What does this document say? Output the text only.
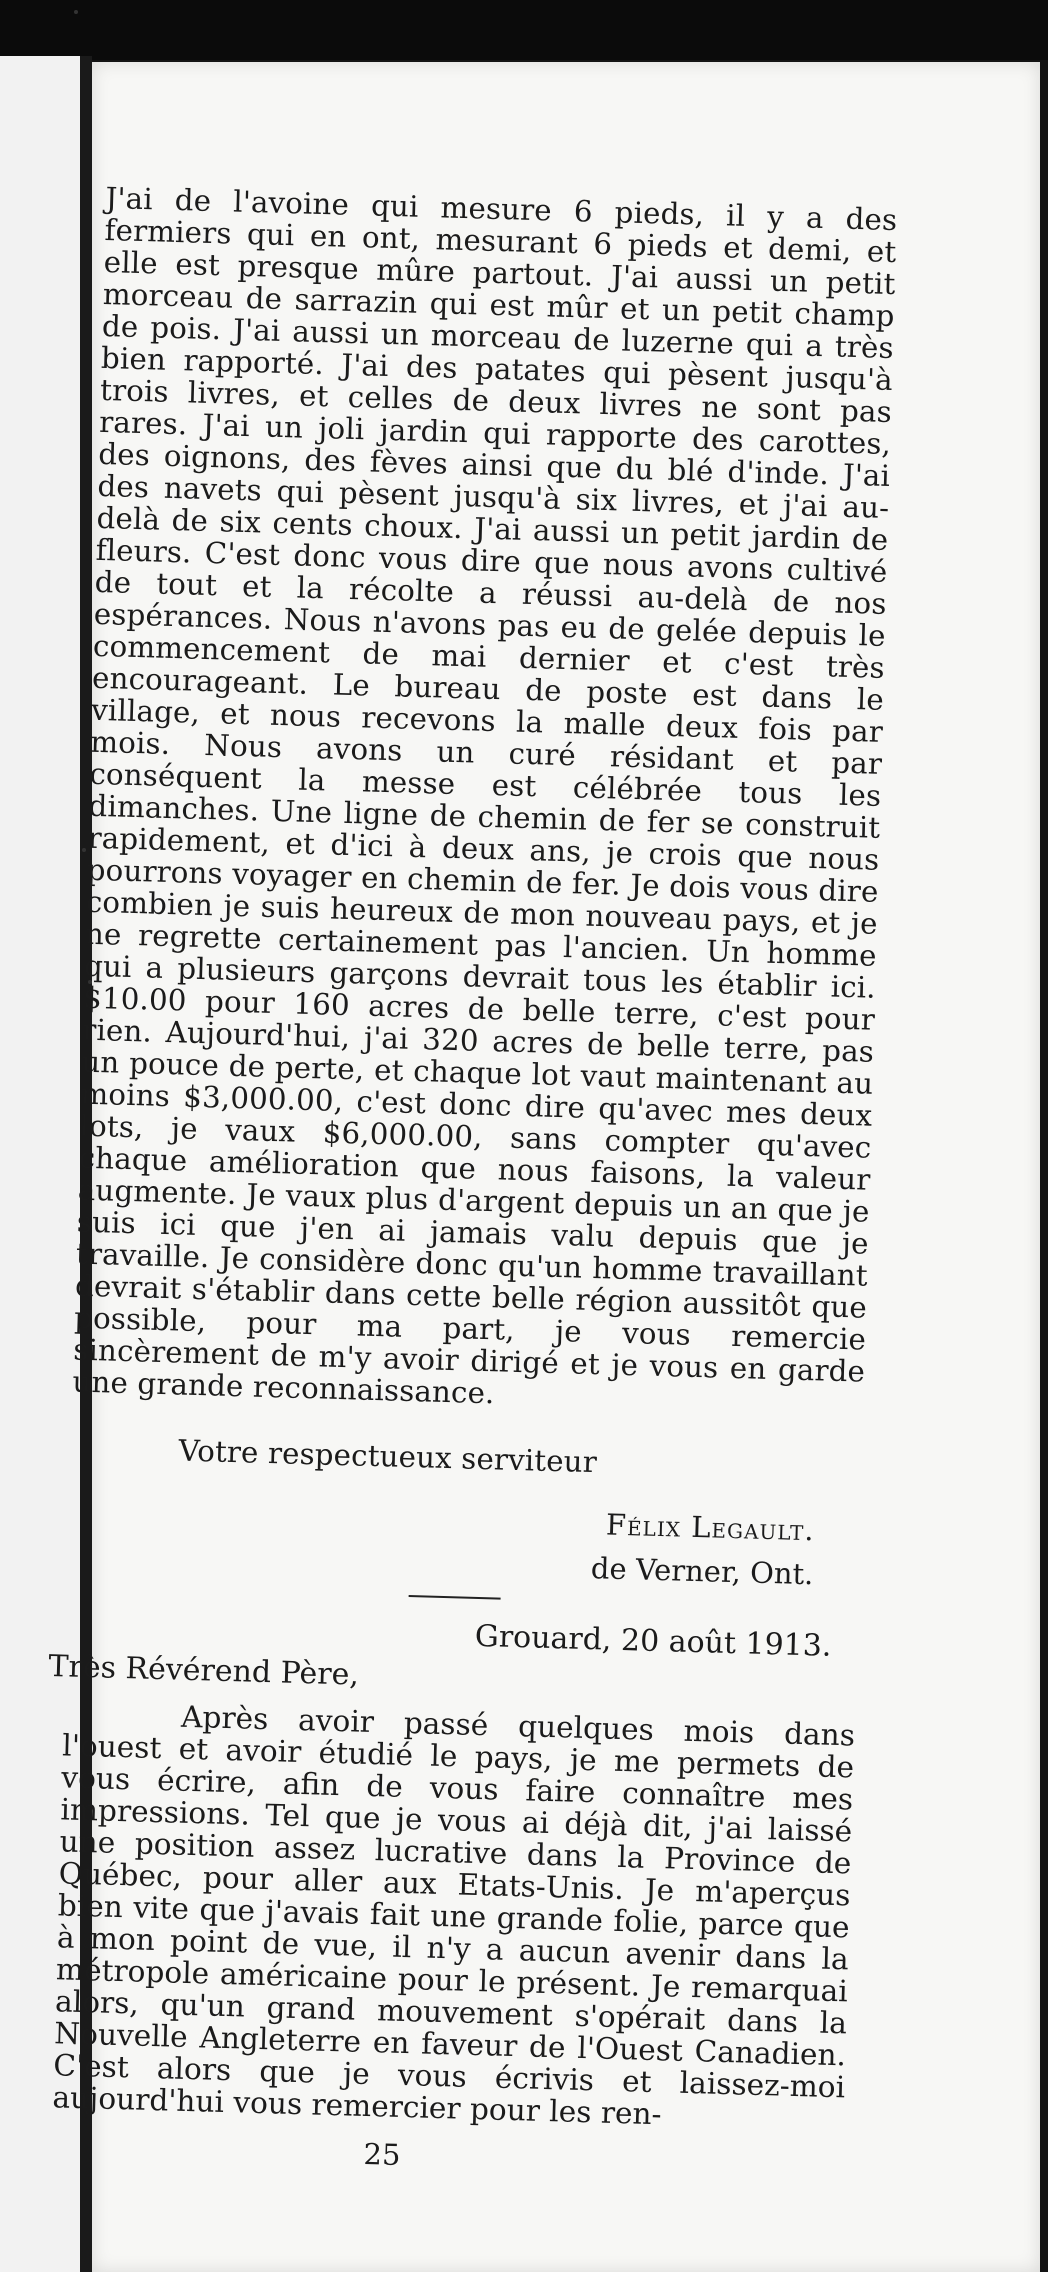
J'ai de l'avoine qui mesure 6 pieds, il y a des fermiers qui en ont, mesurant 6 pieds et demi, et elle est presque mûre partout. J'ai aussi un petit morceau de sarrazin qui est mûr et un petit champ de pois. J'ai aussi un morceau de luzerne qui a très bien rapporté. J'ai des patates qui pèsent jusqu'à trois livres, et celles de deux livres ne sont pas rares. J'ai un joli jardin qui rapporte des carottes, des oignons, des fèves ainsi que du blé d'inde. J'ai des navets qui pèsent jusqu'à six livres, et j'ai au-delà de six cents choux. J'ai aussi un petit jardin de fleurs. C'est donc vous dire que nous avons cultivé de tout et la récolte a réussi au-delà de nos espérances. Nous n'avons pas eu de gelée depuis le commencement de mai dernier et c'est très encourageant. Le bureau de poste est dans le village, et nous recevons la malle deux fois par mois. Nous avons un curé résidant et par conséquent la messe est célébrée tous les dimanches. Une ligne de chemin de fer se construit rapidement, et d'ici à deux ans, je crois que nous pourrons voyager en chemin de fer. Je dois vous dire combien je suis heureux de mon nouveau pays, et je ne regrette certainement pas l'ancien. Un homme qui a plusieurs garçons devrait tous les établir ici. $10.00 pour 160 acres de belle terre, c'est pour rien. Aujourd'hui, j'ai 320 acres de belle terre, pas un pouce de perte, et chaque lot vaut maintenant au moins $3,000.00, c'est donc dire qu'avec mes deux lots, je vaux $6,000.00, sans compter qu'avec chaque amélioration que nous faisons, la valeur augmente. Je vaux plus d'argent depuis un an que je suis ici que j'en ai jamais valu depuis que je travaille. Je considère donc qu'un homme travaillant devrait s'établir dans cette belle région aussitôt que possible, pour ma part, je vous remercie sincèrement de m'y avoir dirigé et je vous en garde une grande reconnaissance.

Votre respectueux serviteur

Félix Legault.
de Verner, Ont.
Grouard, 20 août 1913.
Très Révérend Père,

Après avoir passé quelques mois dans l'ouest et avoir étudié le pays, je me permets de vous écrire, afin de vous faire connaître mes impressions. Tel que je vous ai déjà dit, j'ai laissé une position assez lucrative dans la Province de Québec, pour aller aux Etats-Unis. Je m'aperçus bien vite que j'avais fait une grande folie, parce que à mon point de vue, il n'y a aucun avenir dans la métropole américaine pour le présent. Je remarquai alors, qu'un grand mouvement s'opérait dans la Nouvelle Angleterre en faveur de l'Ouest Canadien. C'est alors que je vous écrivis et laissez-moi aujourd'hui vous remercier pour les ren-

25
